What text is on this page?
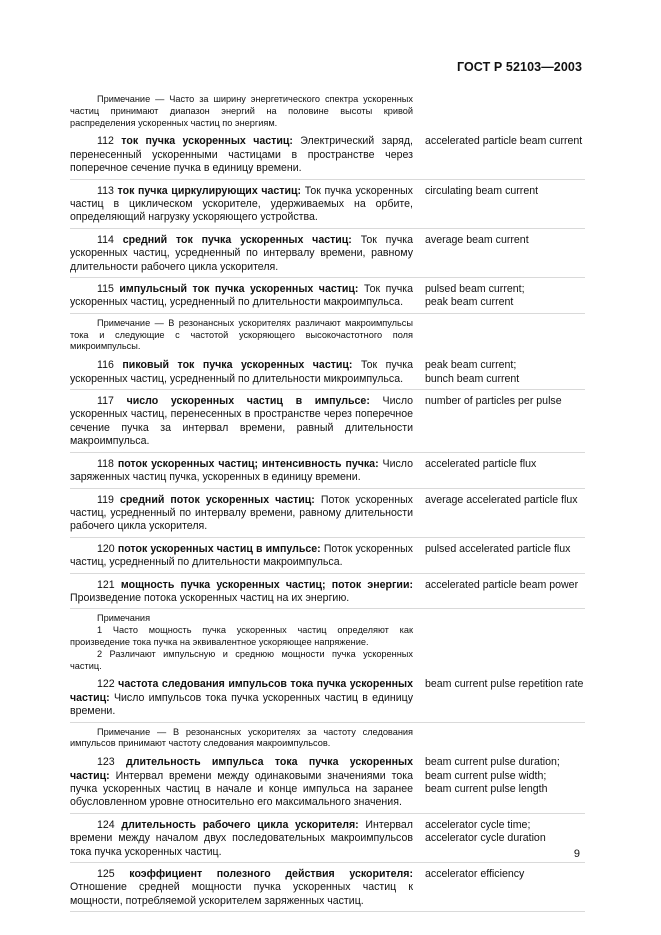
ГОСТ Р 52103—2003
Примечание — Часто за ширину энергетического спектра ускоренных частиц принимают диапазон энергий на половине высоты кривой распределения ускоренных частиц по энергиям.
112 ток пучка ускоренных частиц: Электрический заряд, перенесенный ускоренными частицами в пространстве через поперечное сечение пучка в единицу времени.
accelerated particle beam current
113 ток пучка циркулирующих частиц: Ток пучка ускоренных частиц в циклическом ускорителе, удерживаемых на орбите, определяющий нагрузку ускоряющего устройства.
circulating beam current
114 средний ток пучка ускоренных частиц: Ток пучка ускоренных частиц, усредненный по интервалу времени, равному длительности рабочего цикла ускорителя.
average beam current
115 импульсный ток пучка ускоренных частиц: Ток пучка ускоренных частиц, усредненный по длительности макроимпульса.
pulsed beam current;
peak beam current
Примечание — В резонансных ускорителях различают макроимпульсы тока и следующие с частотой ускоряющего высокочастотного поля микроимпульсы.
116 пиковый ток пучка ускоренных частиц: Ток пучка ускоренных частиц, усредненный по длительности микроимпульса.
peak beam current;
bunch beam current
117 число ускоренных частиц в импульсе: Число ускоренных частиц, перенесенных в пространстве через поперечное сечение пучка за интервал времени, равный длительности макроимпульса.
number of particles per pulse
118 поток ускоренных частиц; интенсивность пучка: Число заряженных частиц пучка, ускоренных в единицу времени.
accelerated particle flux
119 средний поток ускоренных частиц: Поток ускоренных частиц, усредненный по интервалу времени, равному длительности рабочего цикла ускорителя.
average accelerated particle flux
120 поток ускоренных частиц в импульсе: Поток ускоренных частиц, усредненный по длительности макроимпульса.
pulsed accelerated particle flux
121 мощность пучка ускоренных частиц; поток энергии: Произведение потока ускоренных частиц на их энергию.
accelerated particle beam power
Примечания
1 Часто мощность пучка ускоренных частиц определяют как произведение тока пучка на эквивалентное ускоряющее напряжение.
2 Различают импульсную и среднюю мощности пучка ускоренных частиц.
122 частота следования импульсов тока пучка ускоренных частиц: Число импульсов тока пучка ускоренных частиц в единицу времени.
beam current pulse repetition rate
Примечание — В резонансных ускорителях за частоту следования импульсов принимают частоту следования макроимпульсов.
123 длительность импульса тока пучка ускоренных частиц: Интервал времени между одинаковыми значениями тока пучка ускоренных частиц в начале и конце импульса на заранее обусловленном уровне относительно его максимального значения.
beam current pulse duration;
beam current pulse width;
beam current pulse length
124 длительность рабочего цикла ускорителя: Интервал времени между началом двух последовательных макроимпульсов тока пучка ускоренных частиц.
accelerator cycle time;
accelerator cycle duration
125 коэффициент полезного действия ускорителя: Отношение средней мощности пучка ускоренных частиц к мощности, потребляемой ускорителем заряженных частиц.
accelerator efficiency
9
